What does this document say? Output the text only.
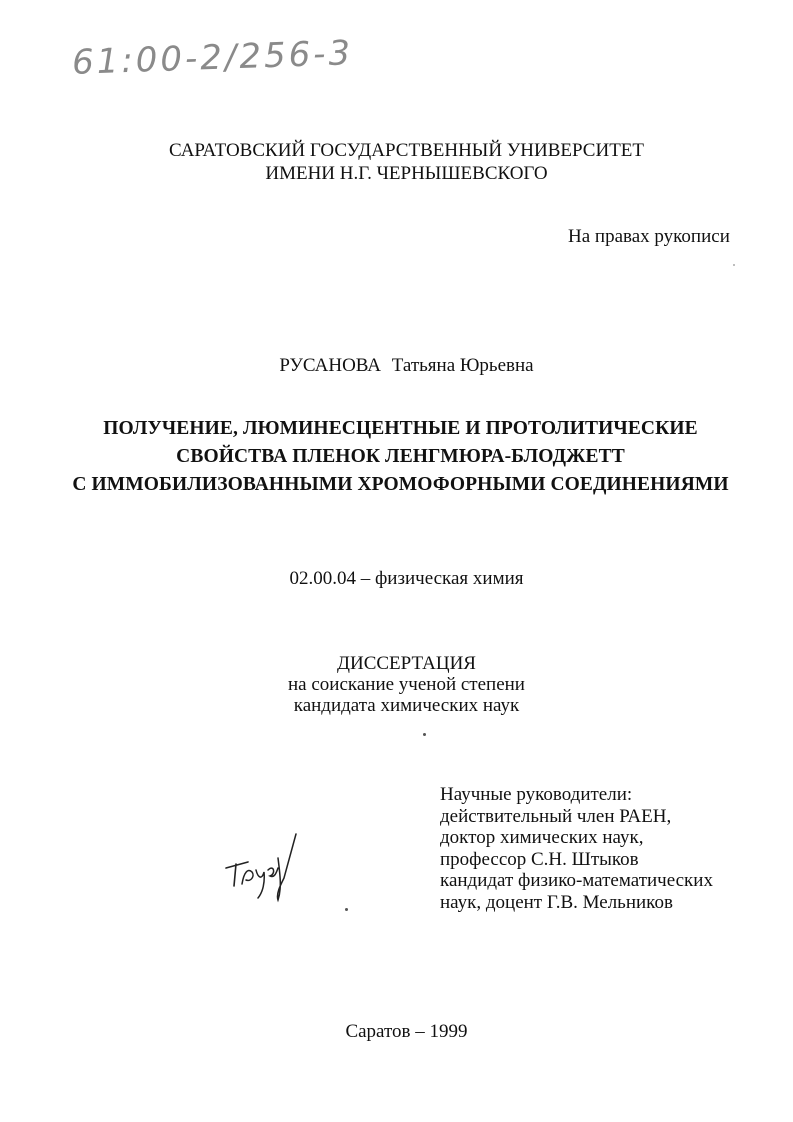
61:00-2/256-3
САРАТОВСКИЙ ГОСУДАРСТВЕННЫЙ УНИВЕРСИТЕТ
ИМЕНИ Н.Г. ЧЕРНЫШЕВСКОГО
На правах рукописи
РУСАНОВА Татьяна Юрьевна
ПОЛУЧЕНИЕ, ЛЮМИНЕСЦЕНТНЫЕ И ПРОТОЛИТИЧЕСКИЕ
СВОЙСТВА ПЛЕНОК ЛЕНГМЮРА-БЛОДЖЕТТ
С ИММОБИЛИЗОВАННЫМИ ХРОМОФОРНЫМИ СОЕДИНЕНИЯМИ
02.00.04 – физическая химия
ДИССЕРТАЦИЯ
на соискание ученой степени
кандидата химических наук
Научные руководители:
действительный член РАЕН,
доктор химических наук,
профессор С.Н. Штыков
кандидат физико-математических
наук, доцент Г.В. Мельников
Саратов – 1999
